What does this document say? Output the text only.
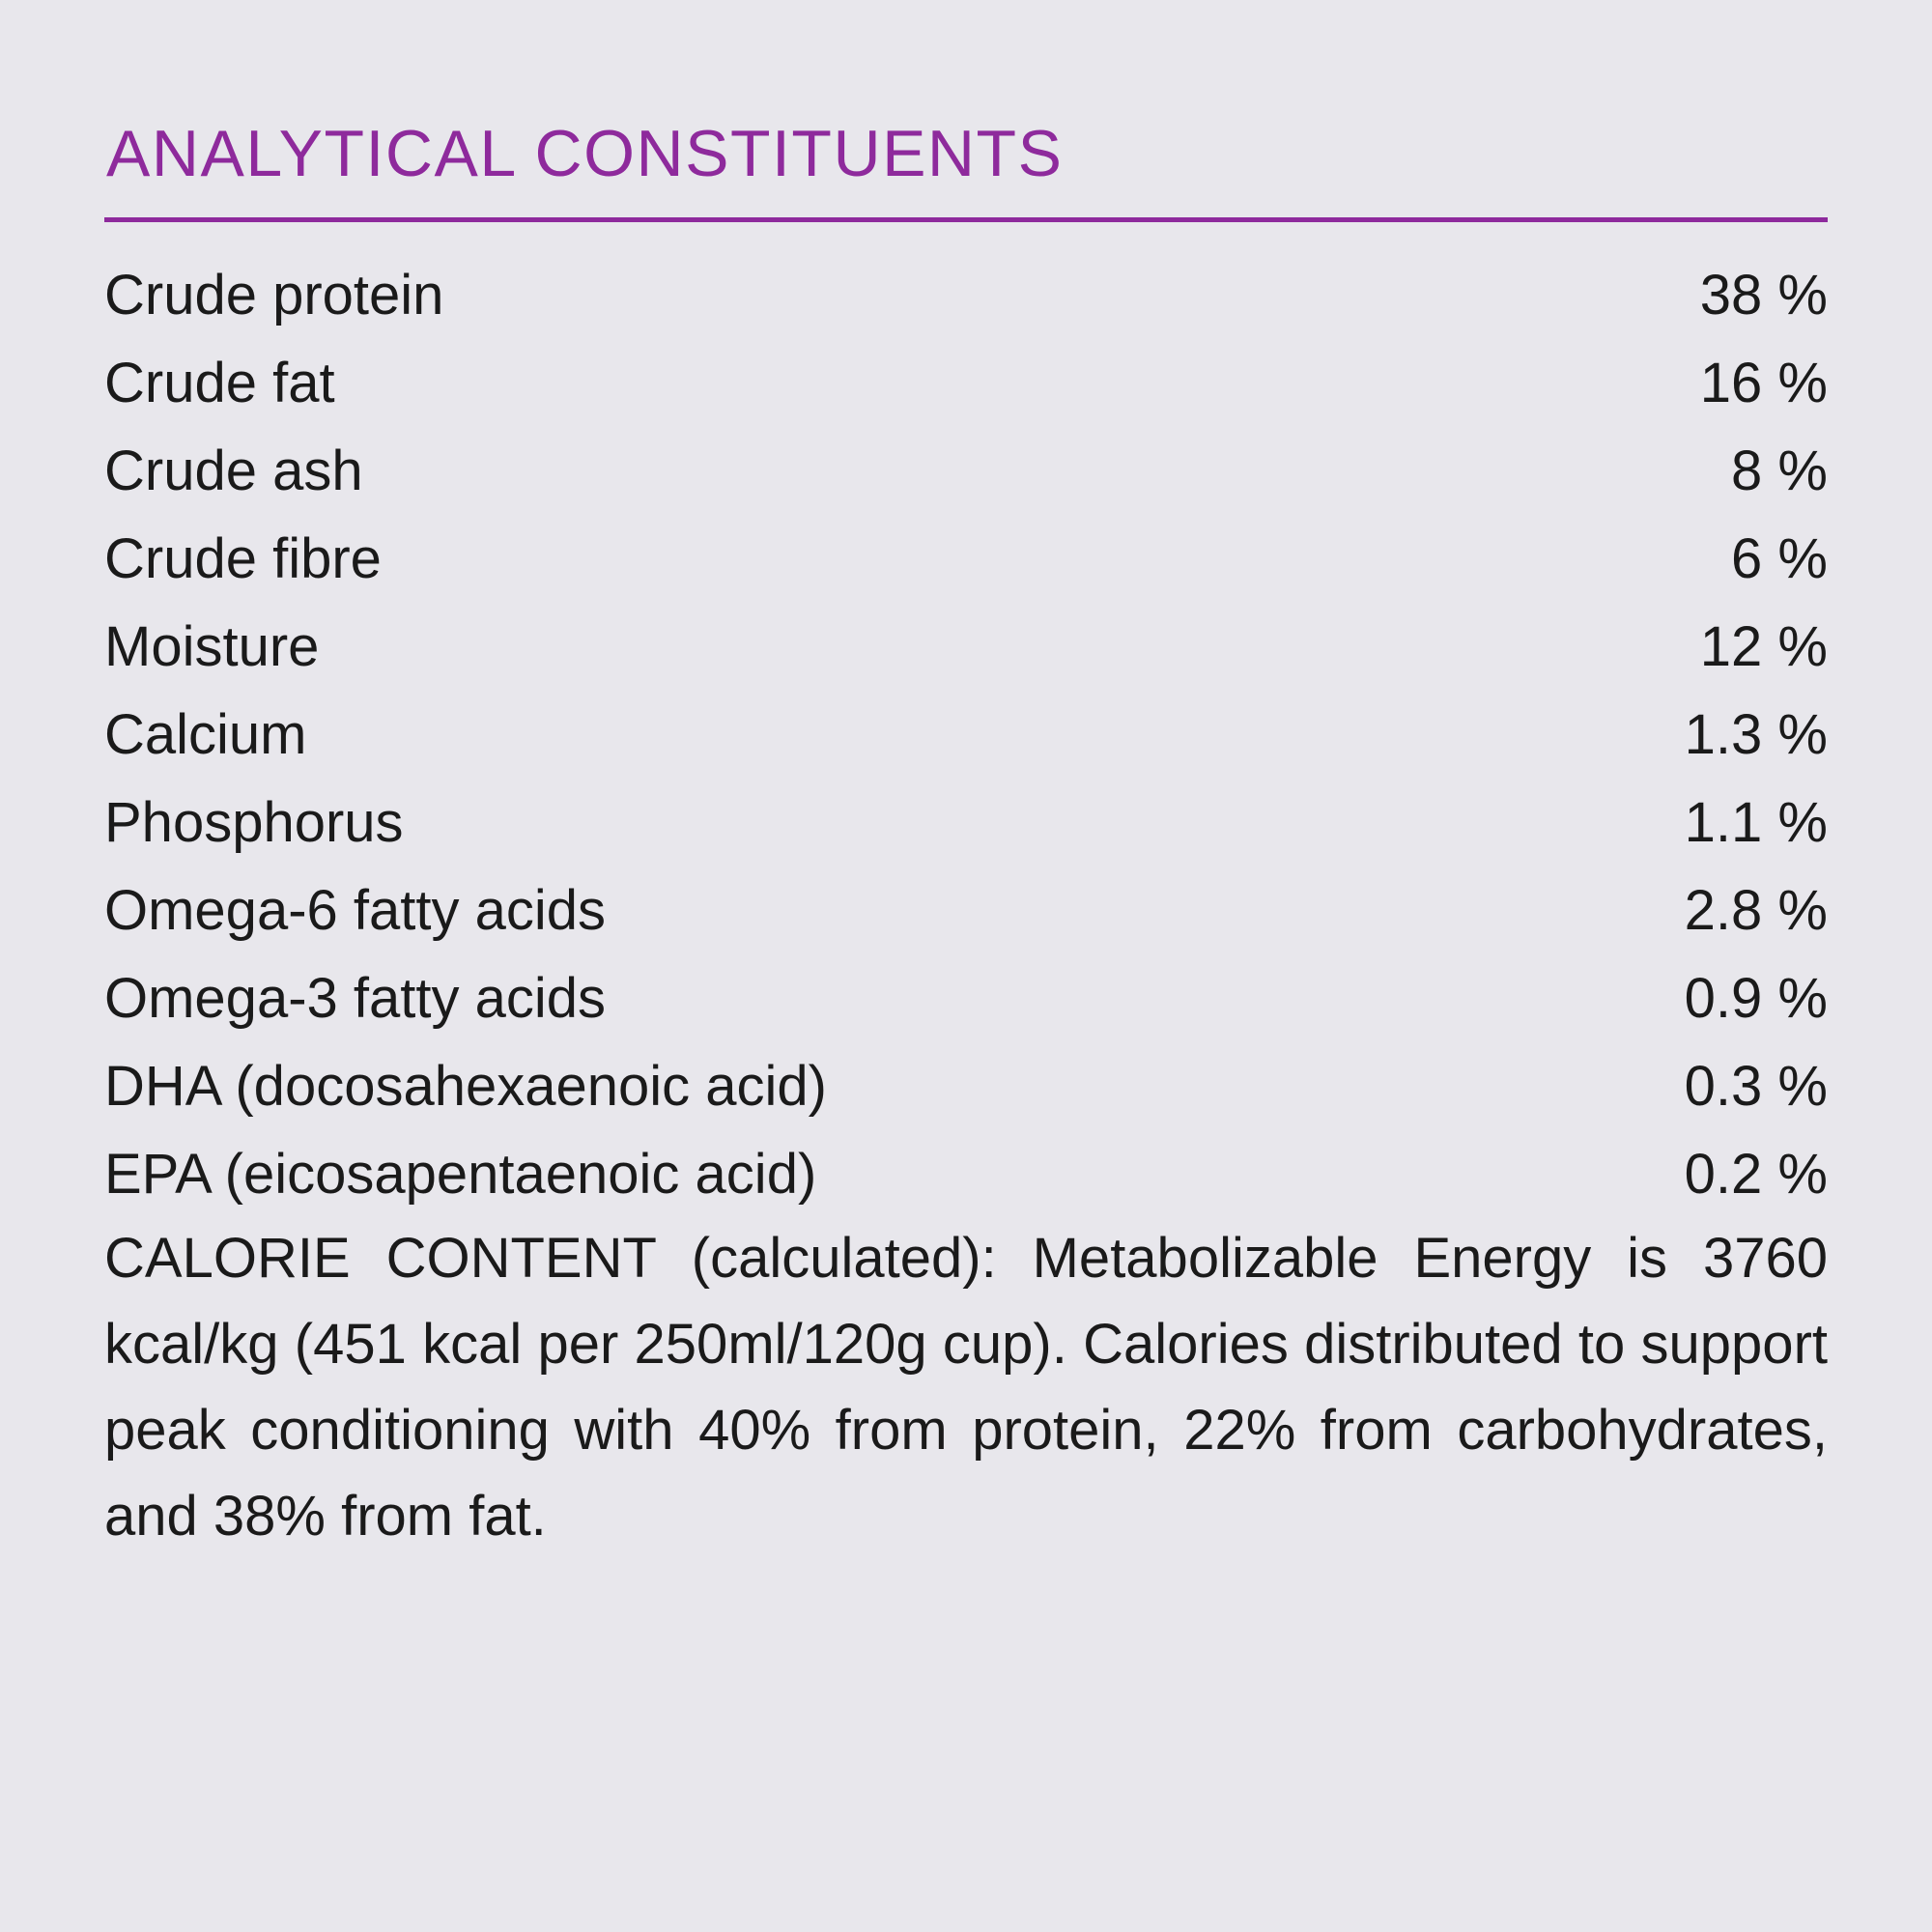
ANALYTICAL CONSTITUENTS
Crude protein	38 %
Crude fat	16 %
Crude ash	8 %
Crude fibre	6 %
Moisture	12 %
Calcium	1.3 %
Phosphorus	1.1 %
Omega-6 fatty acids	2.8 %
Omega-3 fatty acids	0.9 %
DHA (docosahexaenoic acid)	0.3 %
EPA (eicosapentaenoic acid)	0.2 %

CALORIE CONTENT (calculated): Metabolizable Energy is 3760 kcal/kg (451 kcal per 250ml/120g cup). Calories distributed to support peak conditioning with 40% from protein, 22% from carbohydrates, and 38% from fat.
